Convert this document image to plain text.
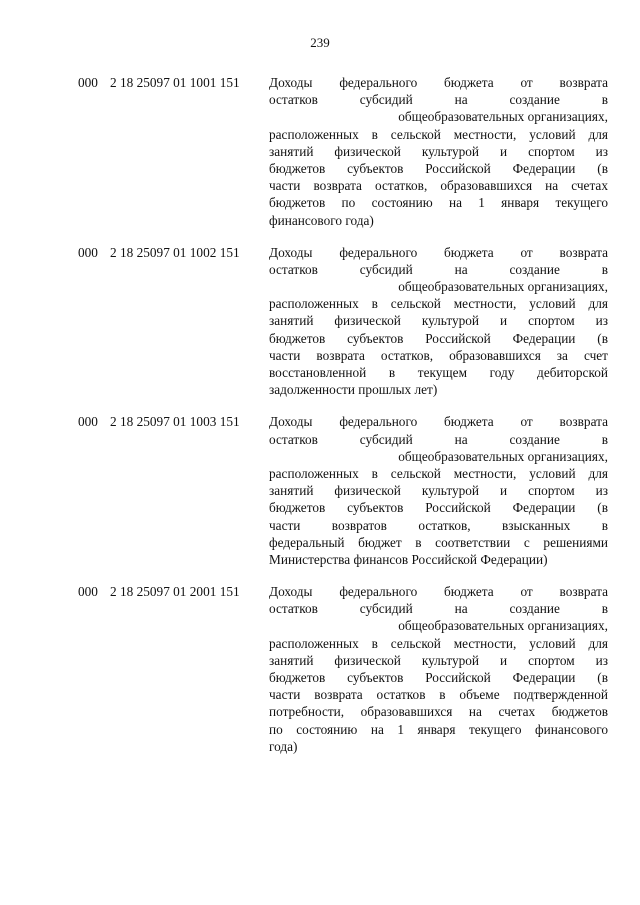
239
000 2 18 25097 01 1001 151 Доходы федерального бюджета от возврата
остатков субсидий на создание в
общеобразовательных организациях,
расположенных в сельской местности, условий для
занятий физической культурой и спортом из
бюджетов субъектов Российской Федерации (в
части возврата остатков, образовавшихся на счетах
бюджетов по состоянию на 1 января текущего
финансового года)
000 2 18 25097 01 1002 151 Доходы федерального бюджета от возврата
остатков субсидий на создание в
общеобразовательных организациях,
расположенных в сельской местности, условий для
занятий физической культурой и спортом из
бюджетов субъектов Российской Федерации (в
части возврата остатков, образовавшихся за счет
восстановленной в текущем году дебиторской
задолженности прошлых лет)
000 2 18 25097 01 1003 151 Доходы федерального бюджета от возврата
остатков субсидий на создание в
общеобразовательных организациях,
расположенных в сельской местности, условий для
занятий физической культурой и спортом из
бюджетов субъектов Российской Федерации (в
части возвратов остатков, взысканных в
федеральный бюджет в соответствии с решениями
Министерства финансов Российской Федерации)
000 2 18 25097 01 2001 151 Доходы федерального бюджета от возврата
остатков субсидий на создание в
общеобразовательных организациях,
расположенных в сельской местности, условий для
занятий физической культурой и спортом из
бюджетов субъектов Российской Федерации (в
части возврата остатков в объеме подтвержденной
потребности, образовавшихся на счетах бюджетов
по состоянию на 1 января текущего финансового
года)
